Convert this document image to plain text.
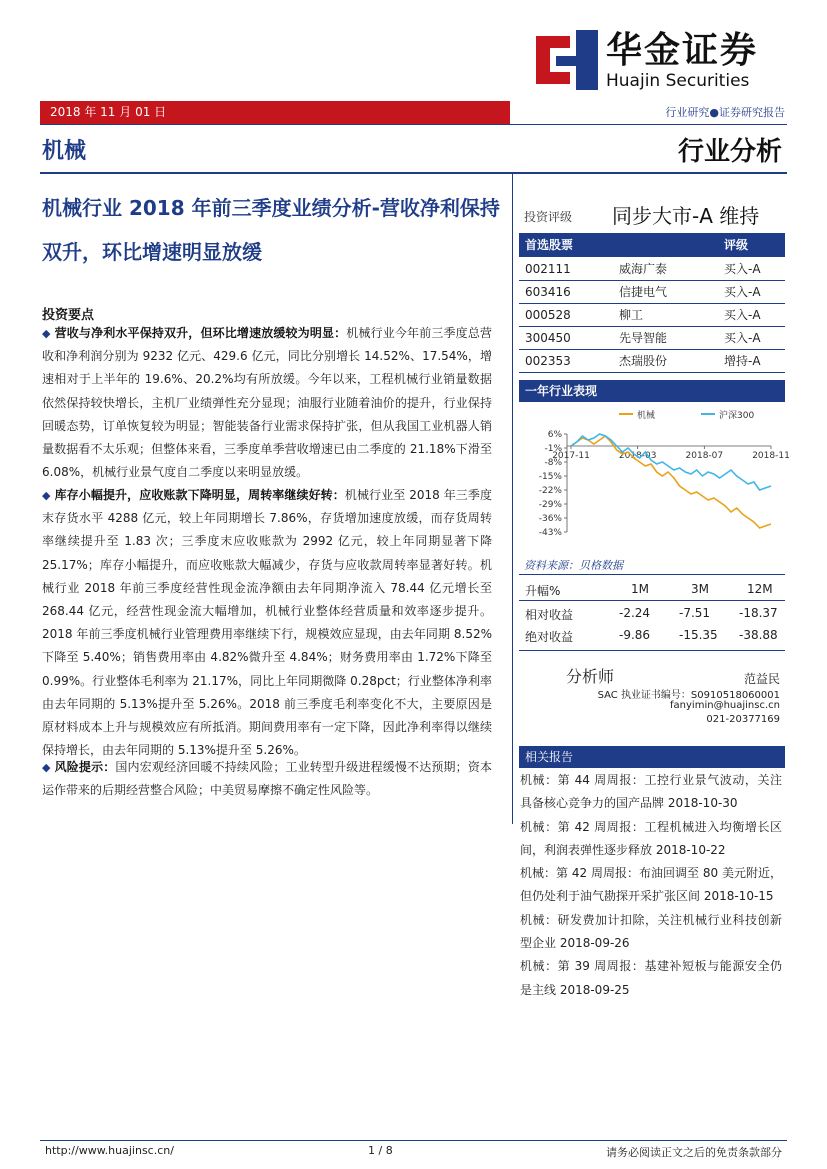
华金证券
Huajin Securities
2018 年 11 月 01 日	行业研究●证券研究报告
机械	行业分析
机械行业 2018 年前三季度业绩分析-营收净利保持双升，环比增速明显放缓
投资要点
◆ 营收与净利水平保持双升，但环比增速放缓较为明显：机械行业今年前三季度总营收和净利润分别为 9232 亿元、429.6 亿元，同比分别增长 14.52%、17.54%，增速相对于上半年的 19.6%、20.2%均有所放缓。今年以来，工程机械行业销量数据依然保持较快增长，主机厂业绩弹性充分显现；油服行业随着油价的提升，行业保持回暖态势，订单恢复较为明显；智能装备行业需求保持扩张，但从我国工业机器人销量数据看不太乐观；但整体来看，三季度单季营收增速已由二季度的 21.18%下滑至 6.08%，机械行业景气度自二季度以来明显放缓。
◆ 库存小幅提升，应收账款下降明显，周转率继续好转：机械行业至 2018 年三季度末存货水平 4288 亿元，较上年同期增长 7.86%，存货增加速度放缓，而存货周转率继续提升至 1.83 次；三季度末应收账款为 2992 亿元，较上年同期显著下降 25.17%；库存小幅提升，而应收账款大幅减少，存货与应收款周转率显著好转。机械行业 2018 年前三季度经营性现金流净额由去年同期净流入 78.44 亿元增长至 268.44 亿元，经营性现金流大幅增加，机械行业整体经营质量和效率逐步提升。2018 年前三季度机械行业管理费用率继续下行，规模效应显现，由去年同期 8.52%下降至 5.40%；销售费用率由 4.82%微升至 4.84%；财务费用率由 1.72%下降至 0.99%。行业整体毛利率为 21.17%，同比上年同期微降 0.28pct；行业整体净利率由去年同期的 5.13%提升至 5.26%。2018 前三季度毛利率变化不大，主要原因是原材料成本上升与规模效应有所抵消。期间费用率有一定下降，因此净利率得以继续保持增长，由去年同期的 5.13%提升至 5.26%。
◆ 风险提示：国内宏观经济回暖不持续风险；工业转型升级进程缓慢不达预期；资本运作带来的后期经营整合风险；中美贸易摩擦不确定性风险等。
投资评级 同步大市-A 维持
首选股票	评级
002111	威海广泰	买入-A
603416	信捷电气	买入-A
000528	柳工	买入-A
300450	先导智能	买入-A
002353	杰瑞股份	增持-A
一年行业表现
机械	沪深300
6%
-1%
-8%
-15%
-22%
-29%
-36%
-43%
2017-11	2018-03	2018-07	2018-11
资料来源：贝格数据
升幅%	1M	3M	12M
相对收益	-2.24 -7.51 -18.37
绝对收益	-9.86 -15.35 -38.88
分析师	范益民
SAC 执业证书编号：S0910518060001
fanyimin@huajinsc.cn
021-20377169
相关报告
机械：第 44 周周报：工控行业景气波动，关注具备核心竞争力的国产品牌 2018-10-30
机械：第 42 周周报：工程机械进入均衡增长区间，利润表弹性逐步释放 2018-10-22
机械：第 42 周周报：布油回调至 80 美元附近，但仍处利于油气勘探开采扩张区间 2018-10-15
机械：研发费加计扣除，关注机械行业科技创新型企业 2018-09-26
机械：第 39 周周报：基建补短板与能源安全仍是主线 2018-09-25
http://www.huajinsc.cn/	1 / 8	请务必阅读正文之后的免责条款部分
